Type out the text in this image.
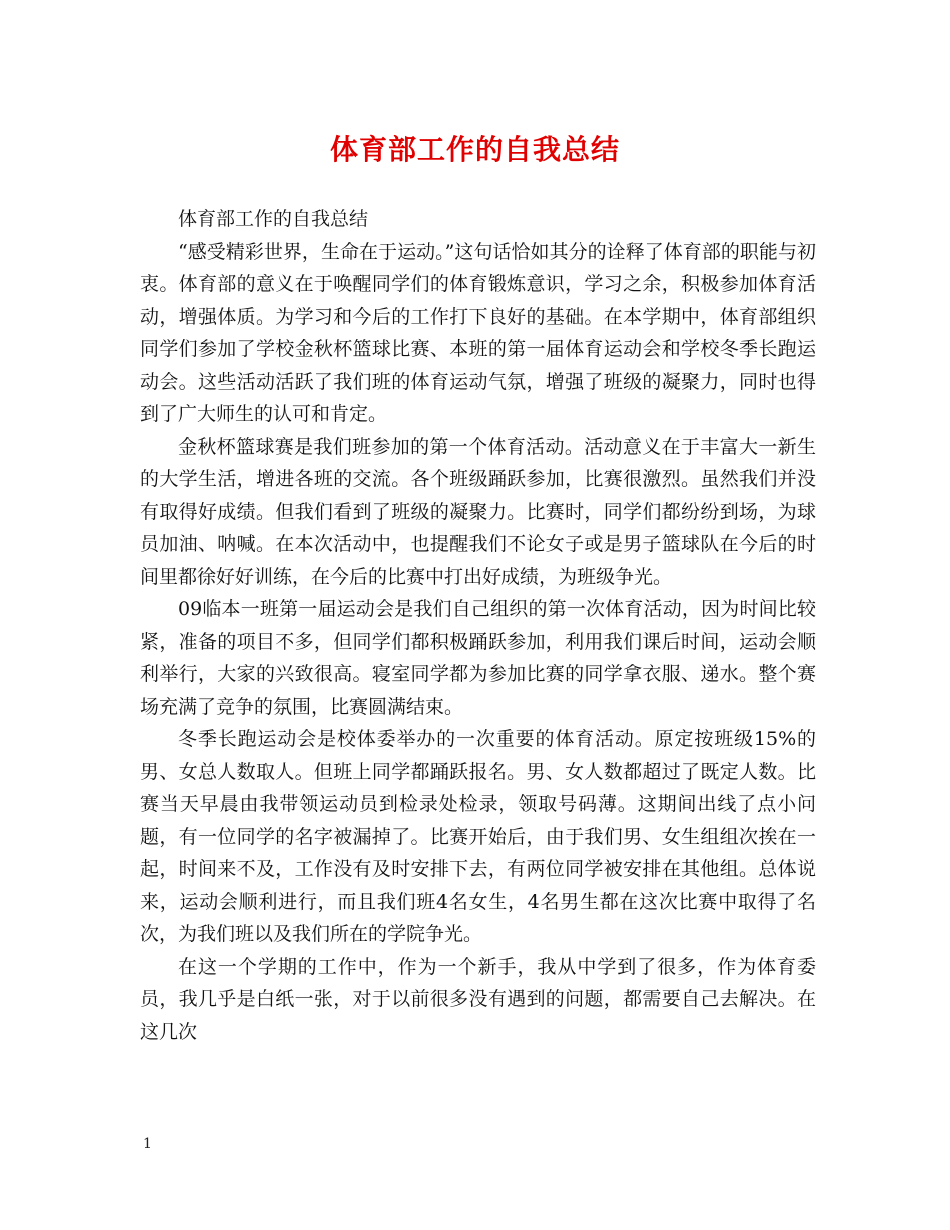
体育部工作的自我总结

体育部工作的自我总结

“感受精彩世界，生命在于运动。”这句话恰如其分的诠释了体育部的职能与初衷。体育部的意义在于唤醒同学们的体育锻炼意识，学习之余，积极参加体育活动，增强体质。为学习和今后的工作打下良好的基础。在本学期中，体育部组织同学们参加了学校金秋杯篮球比赛、本班的第一届体育运动会和学校冬季长跑运动会。这些活动活跃了我们班的体育运动气氛，增强了班级的凝聚力，同时也得到了广大师生的认可和肯定。

金秋杯篮球赛是我们班参加的第一个体育活动。活动意义在于丰富大一新生的大学生活，增进各班的交流。各个班级踊跃参加，比赛很激烈。虽然我们并没有取得好成绩。但我们看到了班级的凝聚力。比赛时，同学们都纷纷到场，为球员加油、呐喊。在本次活动中，也提醒我们不论女子或是男子篮球队在今后的时间里都徐好好训练，在今后的比赛中打出好成绩，为班级争光。

09临本一班第一届运动会是我们自己组织的第一次体育活动，因为时间比较紧，准备的项目不多，但同学们都积极踊跃参加，利用我们课后时间，运动会顺利举行，大家的兴致很高。寝室同学都为参加比赛的同学拿衣服、递水。整个赛场充满了竞争的氛围，比赛圆满结束。

冬季长跑运动会是校体委举办的一次重要的体育活动。原定按班级15%的男、女总人数取人。但班上同学都踊跃报名。男、女人数都超过了既定人数。比赛当天早晨由我带领运动员到检录处检录，领取号码薄。这期间出线了点小问题，有一位同学的名字被漏掉了。比赛开始后，由于我们男、女生组组次挨在一起，时间来不及，工作没有及时安排下去，有两位同学被安排在其他组。总体说来，运动会顺利进行，而且我们班4名女生，4名男生都在这次比赛中取得了名次，为我们班以及我们所在的学院争光。

在这一个学期的工作中，作为一个新手，我从中学到了很多，作为体育委员，我几乎是白纸一张，对于以前很多没有遇到的问题，都需要自己去解决。在这几次

1
